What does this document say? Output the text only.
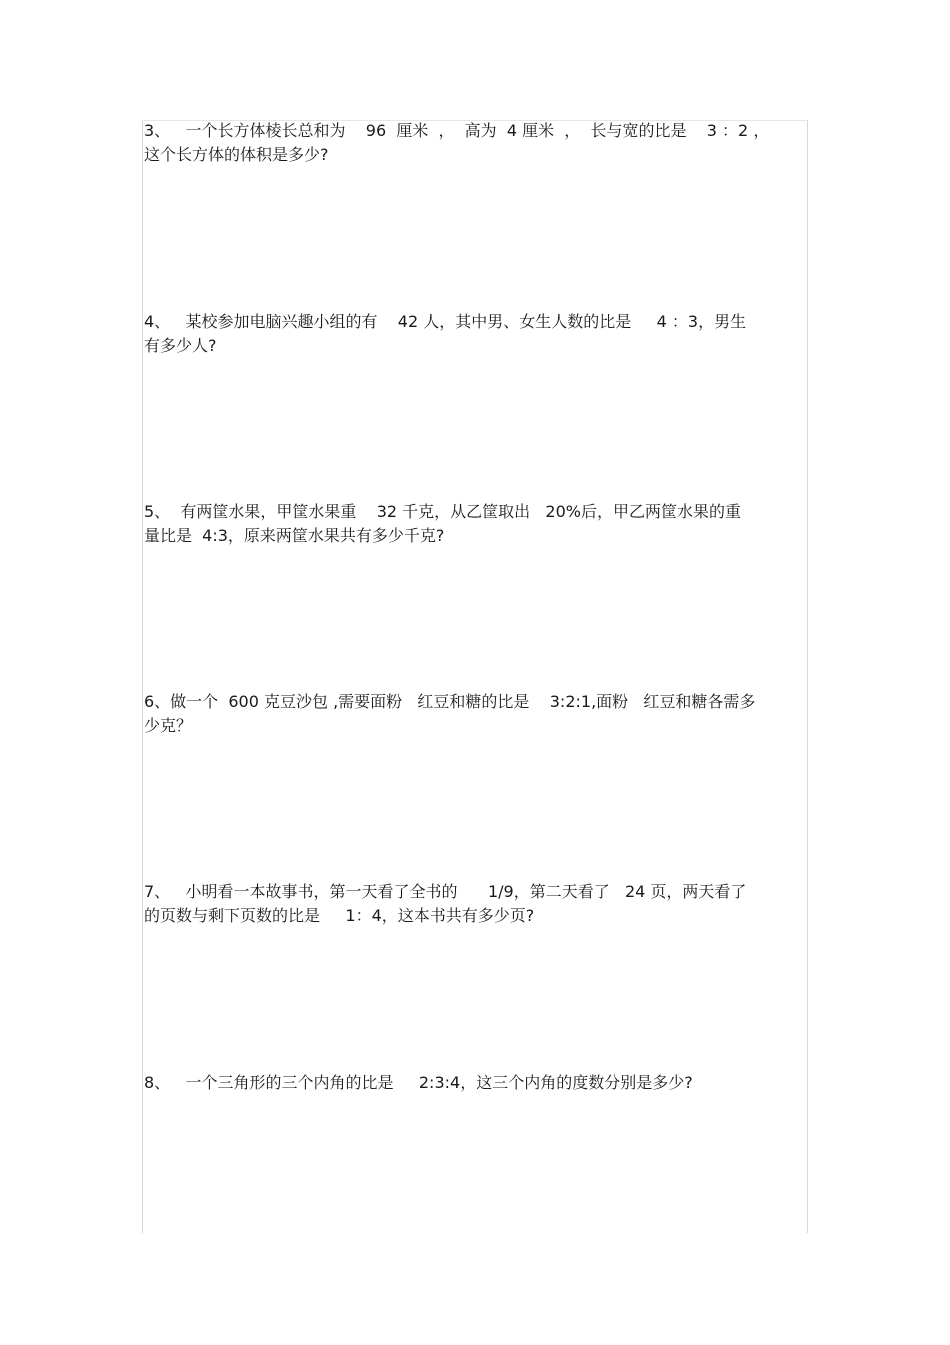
3、   一个长方体棱长总和为    96  厘米  ，  高为  4 厘米  ，  长与宽的比是    3 ：2 ，
这个长方体的体积是多少?
4、   某校参加电脑兴趣小组的有    42 人，其中男、女生人数的比是     4 ：3，男生
有多少人?
5、  有两筐水果，甲筐水果重    32 千克，从乙筐取出   20%后，甲乙两筐水果的重
量比是  4:3，原来两筐水果共有多少千克?
6、做一个  600 克豆沙包 ,需要面粉   红豆和糖的比是    3:2:1,面粉   红豆和糖各需多
少克？
7、   小明看一本故事书，第一天看了全书的      1/9，第二天看了   24 页，两天看了
的页数与剩下页数的比是     1：4，这本书共有多少页?
8、   一个三角形的三个内角的比是     2:3:4，这三个内角的度数分别是多少?
